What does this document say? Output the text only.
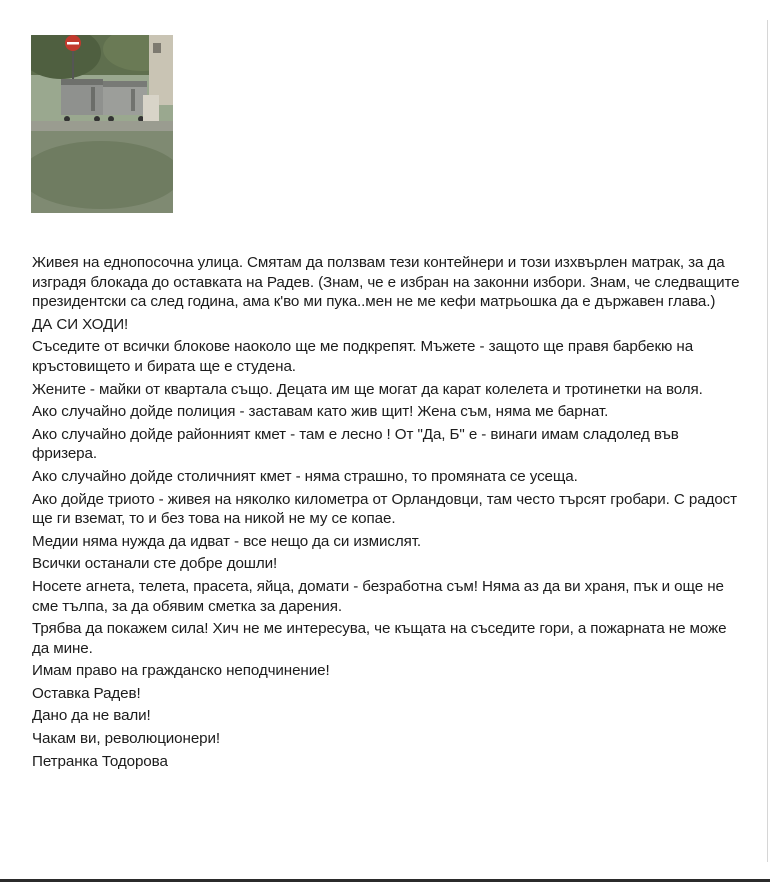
Живея на еднопосочна улица. Смятам да ползвам тези контейнери и този изхвърлен матрак, за да изградя блокада до оставката на Радев. (Знам, че е избран на законни избори. Знам, че следващите президентски са след година, ама к'во ми пука..мен не ме кефи матрьошка да е държавен глава.)

ДА СИ ХОДИ!

Съседите от всички блокове наоколо ще ме подкрепят. Мъжете - защото ще правя барбекю на кръстовището и бирата ще е студена.

Жените - майки от квартала също. Децата им ще могат да карат колелета и тротинетки на воля.

Ако случайно дойде полиция - заставам като жив щит! Жена съм, няма ме барнат.

Ако случайно дойде районният кмет - там е лесно ! От "Да, Б" е - винаги имам сладолед във фризера.

Ако случайно дойде столичният кмет - няма страшно, то промяната се усеща.

Ако дойде триото - живея на няколко километра от Орландовци, там често търсят гробари. С радост ще ги вземат, то и без това на никой не му се копае.

Медии няма нужда да идват - все нещо да си измислят.

Всички останали сте добре дошли!

Носете агнета, телета, прасета, яйца, домати - безработна съм! Няма аз да ви храня, пък и още не сме тълпа, за да обявим сметка за дарения.

Трябва да покажем сила! Хич не ме интересува, че къщата на съседите гори, а пожарната не може да мине.

Имам право на гражданско неподчинение!

Оставка Радев!

Дано да не вали!

Чакам ви, революционери!

Петранка Тодорова
